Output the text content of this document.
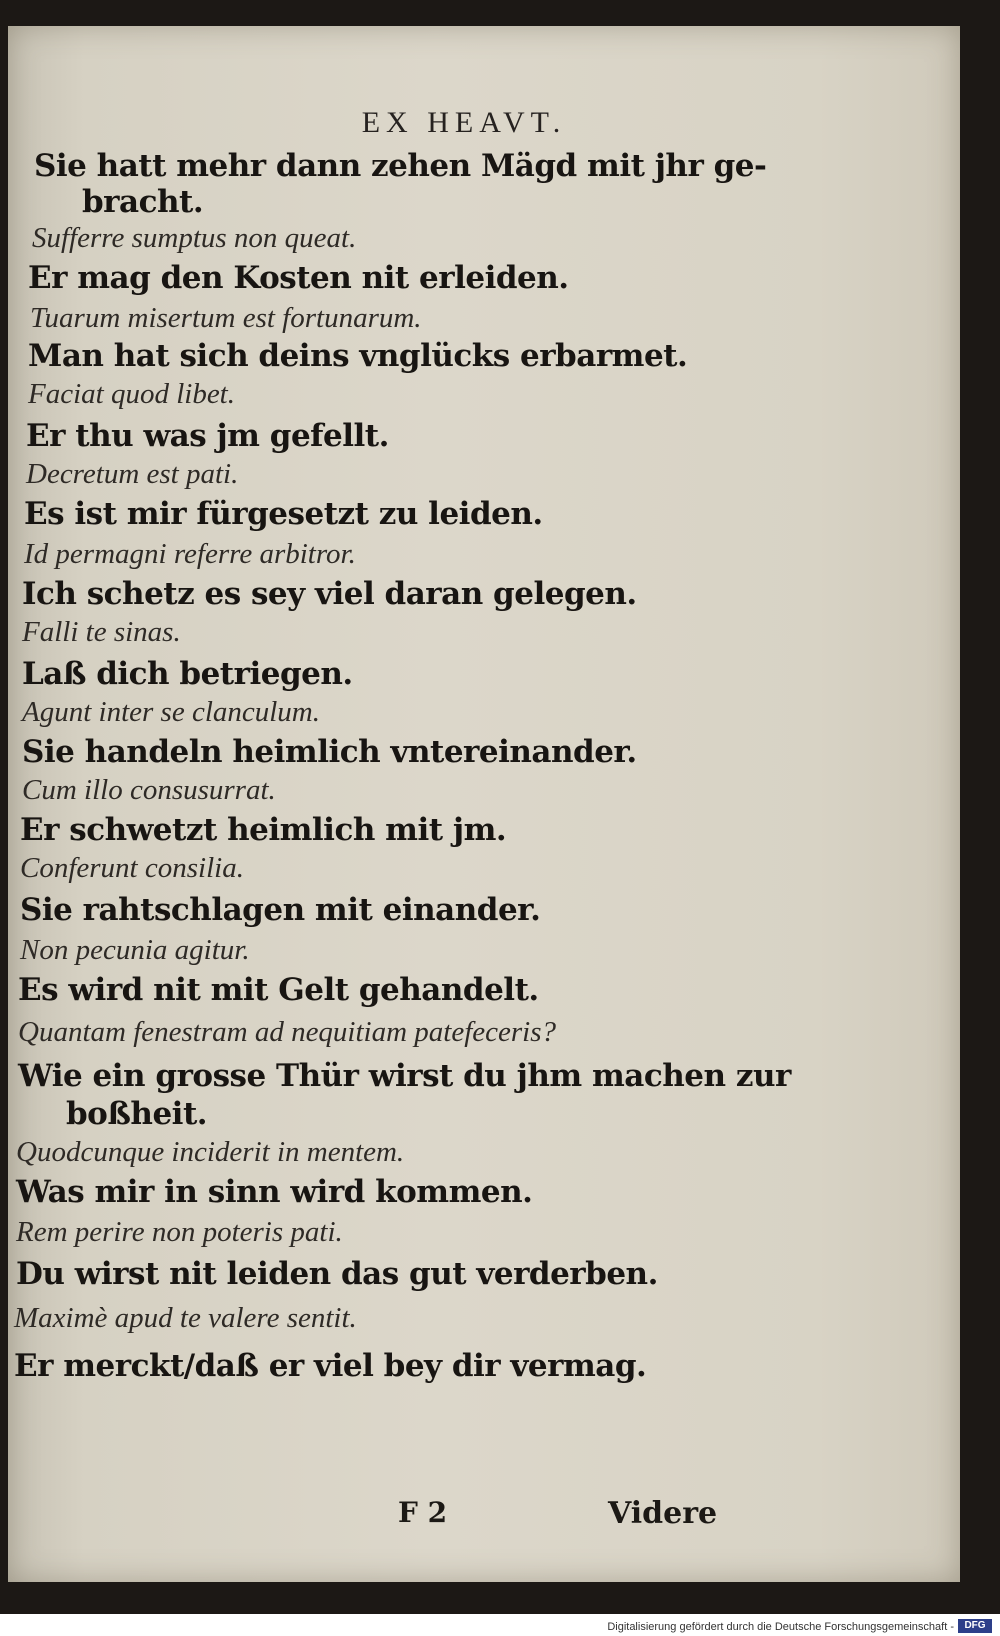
EX HEAVT.
Sie hatt mehr dann zehen Mägd mit jhr ge-
bracht.
Sufferre sumptus non queat.
Er mag den Kosten nit erleiden.
Tuarum misertum est fortunarum.
Man hat sich deins vnglücks erbarmet.
Faciat quod libet.
Er thu was jm gefellt.
Decretum est pati.
Es ist mir fürgesetzt zu leiden.
Id permagni referre arbitror.
Ich schetz es sey viel daran gelegen.
Falli te sinas.
Laß dich betriegen.
Agunt inter se clanculum.
Sie handeln heimlich vntereinander.
Cum illo consusurrat.
Er schwetzt heimlich mit jm.
Conferunt consilia.
Sie rahtschlagen mit einander.
Non pecunia agitur.
Es wird nit mit Gelt gehandelt.
Quantam fenestram ad nequitiam patefeceris?
Wie ein grosse Thür wirst du jhm machen zur
boßheit.
Quodcunque inciderit in mentem.
Was mir in sinn wird kommen.
Rem perire non poteris pati.
Du wirst nit leiden das gut verderben.
Maximè apud te valere sentit.
Er merckt/daß er viel bey dir vermag.
F 2	Videre
Digitalisierung gefördert durch die Deutsche Forschungsgemeinschaft -	DFG
